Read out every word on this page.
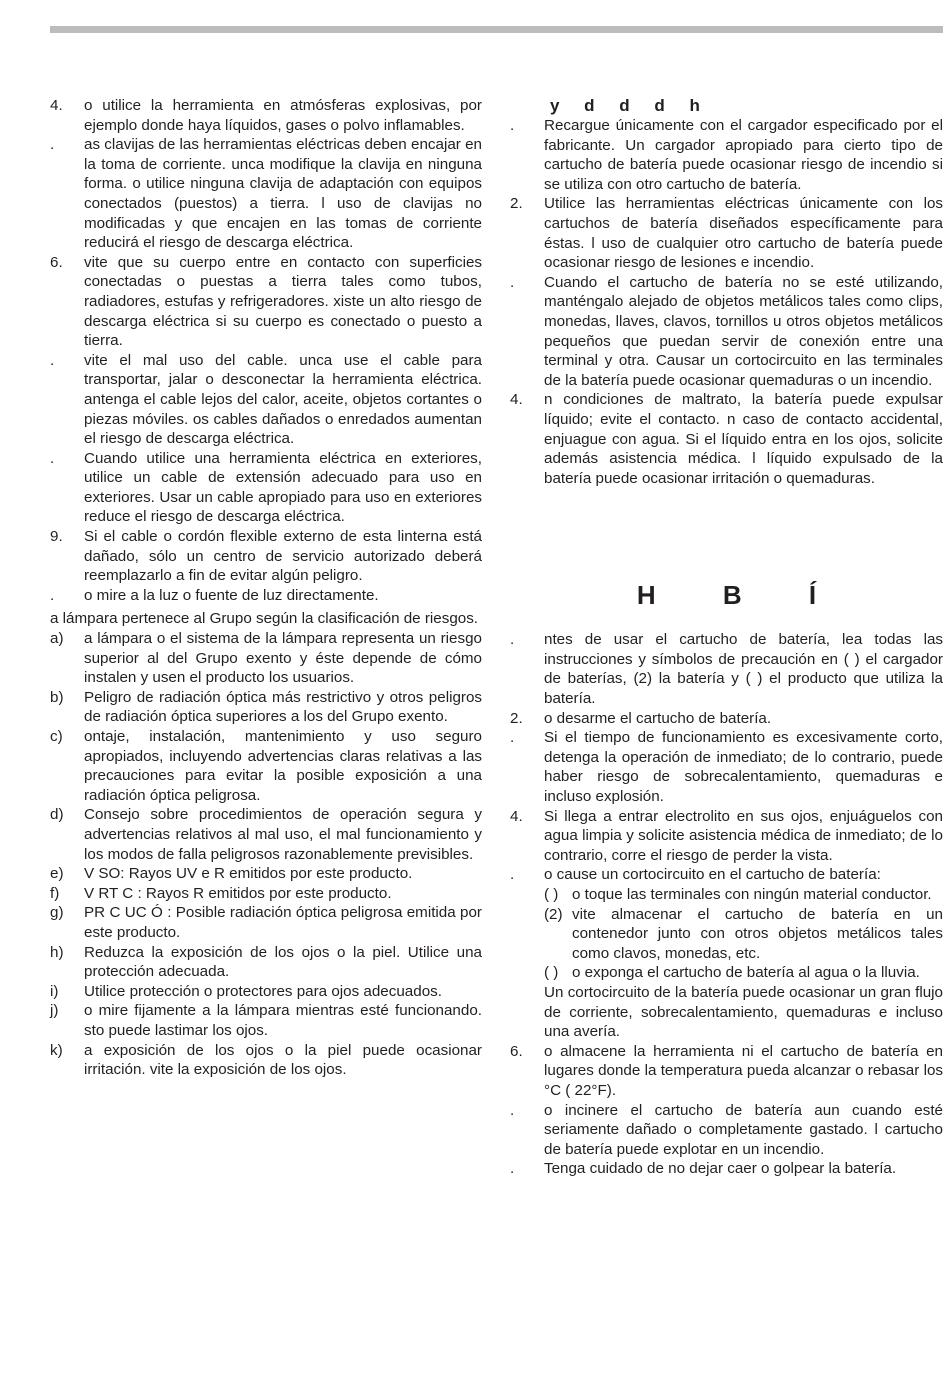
4.	o utilice la herramienta en atmósferas explosivas, por ejemplo donde haya líquidos, gases o polvo inflamables.
.	as clavijas de las herramientas eléctricas deben encajar en la toma de corriente. unca modifique la clavija en ninguna forma. o utilice ninguna clavija de adaptación con equipos conectados (puestos) a tierra. l uso de clavijas no modificadas y que encajen en las tomas de corriente reducirá el riesgo de descarga eléctrica.
6.	vite que su cuerpo entre en contacto con superficies conectadas o puestas a tierra tales como tubos, radiadores, estufas y refrigeradores. xiste un alto riesgo de descarga eléctrica si su cuerpo es conectado o puesto a tierra.
.	vite el mal uso del cable. unca use el cable para transportar, jalar o desconectar la herramienta eléctrica. antenga el cable lejos del calor, aceite, objetos cortantes o piezas móviles. os cables dañados o enredados aumentan el riesgo de descarga eléctrica.
.	Cuando utilice una herramienta eléctrica en exteriores, utilice un cable de extensión adecuado para uso en exteriores. Usar un cable apropiado para uso en exteriores reduce el riesgo de descarga eléctrica.
9.	Si el cable o cordón flexible externo de esta linterna está dañado, sólo un centro de servicio autorizado deberá reemplazarlo a fin de evitar algún peligro.
.	o mire a la luz o fuente de luz directamente.
a lámpara pertenece al Grupo según la clasificación de riesgos.
a)	a lámpara o el sistema de la lámpara representa un riesgo superior al del Grupo exento y éste depende de cómo instalen y usen el producto los usuarios.
b)	Peligro de radiación óptica más restrictivo y otros peligros de radiación óptica superiores a los del Grupo exento.
c)	ontaje, instalación, mantenimiento y uso seguro apropiados, incluyendo advertencias claras relativas a las precauciones para evitar la posible exposición a una radiación óptica peligrosa.
d)	Consejo sobre procedimientos de operación segura y advertencias relativos al mal uso, el mal funcionamiento y los modos de falla peligrosos razonablemente previsibles.
e)	V SO: Rayos UV e R emitidos por este producto.
f)	V RT C : Rayos R emitidos por este producto.
g)	PR C UC Ó : Posible radiación óptica peligrosa emitida por este producto.
h)	Reduzca la exposición de los ojos o la piel. Utilice una protección adecuada.
i)	Utilice protección o protectores para ojos adecuados.
j)	o mire fijamente a la lámpara mientras esté funcionando. sto puede lastimar los ojos.
k)	a exposición de los ojos o la piel puede ocasionar irritación. vite la exposición de los ojos.
y d d d h
.	Recargue únicamente con el cargador especificado por el fabricante. Un cargador apropiado para cierto tipo de cartucho de batería puede ocasionar riesgo de incendio si se utiliza con otro cartucho de batería.
2.	Utilice las herramientas eléctricas únicamente con los cartuchos de batería diseñados específicamente para éstas. l uso de cualquier otro cartucho de batería puede ocasionar riesgo de lesiones e incendio.
.	Cuando el cartucho de batería no se esté utilizando, manténgalo alejado de objetos metálicos tales como clips, monedas, llaves, clavos, tornillos u otros objetos metálicos pequeños que puedan servir de conexión entre una terminal y otra. Causar un cortocircuito en las terminales de la batería puede ocasionar quemaduras o un incendio.
4.	n condiciones de maltrato, la batería puede expulsar líquido; evite el contacto. n caso de contacto accidental, enjuague con agua. Si el líquido entra en los ojos, solicite además asistencia médica. l líquido expulsado de la batería puede ocasionar irritación o quemaduras.
H B Í
.	ntes de usar el cartucho de batería, lea todas las instrucciones y símbolos de precaución en ( ) el cargador de baterías, (2) la batería y ( ) el producto que utiliza la batería.
2.	o desarme el cartucho de batería.
.	Si el tiempo de funcionamiento es excesivamente corto, detenga la operación de inmediato; de lo contrario, puede haber riesgo de sobrecalentamiento, quemaduras e incluso explosión.
4.	Si llega a entrar electrolito en sus ojos, enjuáguelos con agua limpia y solicite asistencia médica de inmediato; de lo contrario, corre el riesgo de perder la vista.
.	o cause un cortocircuito en el cartucho de batería:
( ) o toque las terminales con ningún material conductor.
(2) vite almacenar el cartucho de batería en un contenedor junto con otros objetos metálicos tales como clavos, monedas, etc.
( ) o exponga el cartucho de batería al agua o la lluvia.
Un cortocircuito de la batería puede ocasionar un gran flujo de corriente, sobrecalentamiento, quemaduras e incluso una avería.
6.	o almacene la herramienta ni el cartucho de batería en lugares donde la temperatura pueda alcanzar o rebasar los °C ( 22°F).
.	o incinere el cartucho de batería aun cuando esté seriamente dañado o completamente gastado. l cartucho de batería puede explotar en un incendio.
.	Tenga cuidado de no dejar caer o golpear la batería.
